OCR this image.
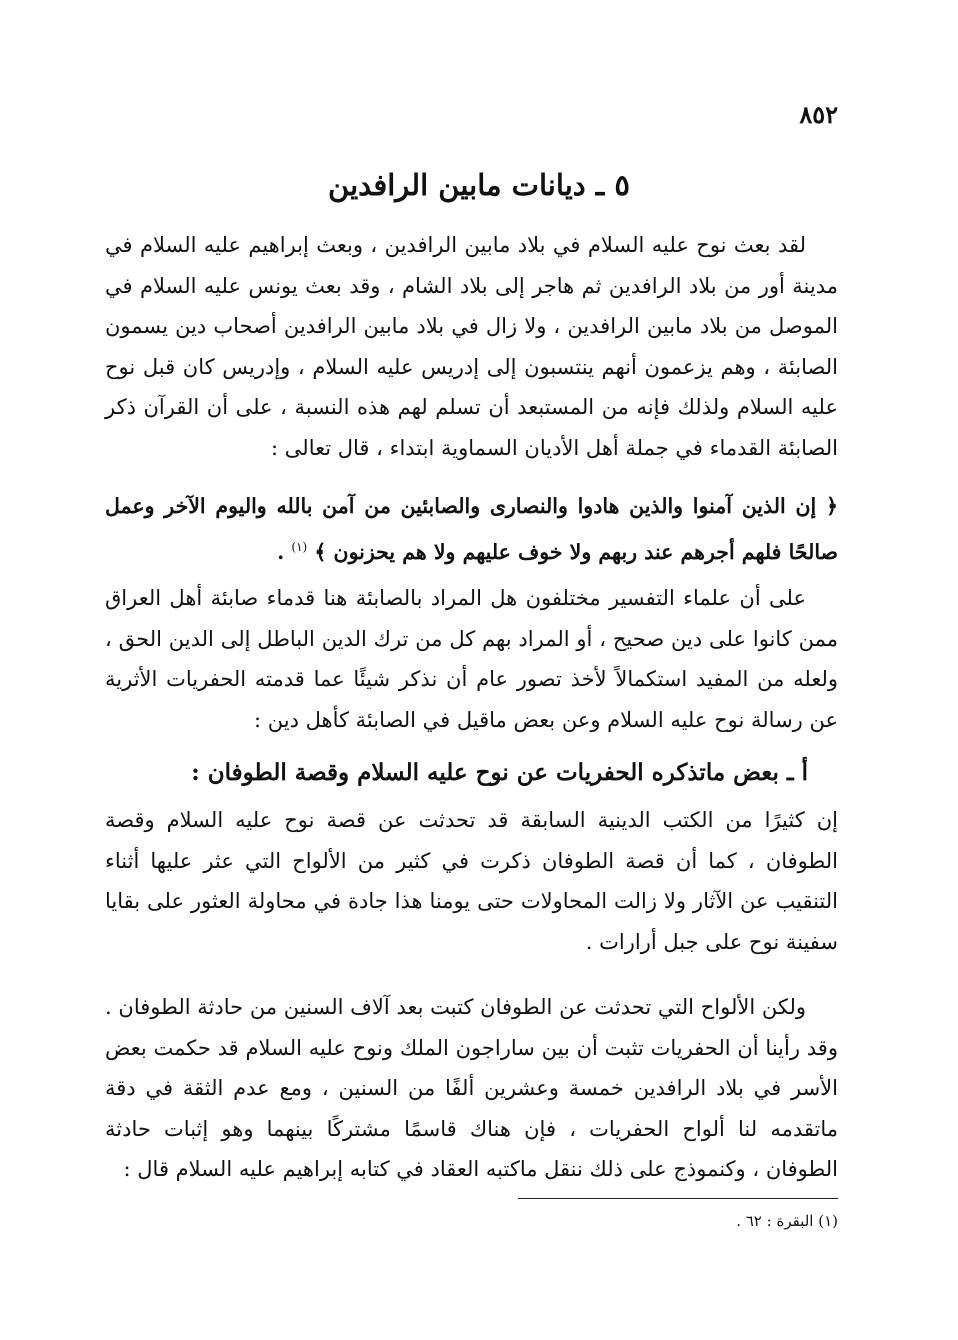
٨٥٢
٥ ـ ديانات مابين الرافدين

لقد بعث نوح عليه السلام في بلاد مابين الرافدين ، وبعث إبراهيم عليه السلام في مدينة أور من بلاد الرافدين ثم هاجر إلى بلاد الشام ، وقد بعث يونس عليه السلام في الموصل من بلاد مابين الرافدين ، ولا زال في بلاد مابين الرافدين أصحاب دين يسمون الصابئة ، وهم يزعمون أنهم ينتسبون إلى إدريس عليه السلام ، وإدريس كان قبل نوح عليه السلام ولذلك فإنه من المستبعد أن تسلم لهم هذه النسبة ، على أن القرآن ذكر الصابئة القدماء في جملة أهل الأديان السماوية ابتداء ، قال تعالى :

﴿ إن الذين آمنوا والذين هادوا والنصارى والصابئين من آمن بالله واليوم الآخر وعمل صالحًا فلهم أجرهم عند ربهم ولا خوف عليهم ولا هم يحزنون ﴾ $^{(١)}$ .

على أن علماء التفسير مختلفون هل المراد بالصابئة هنا قدماء صابئة أهل العراق ممن كانوا على دين صحيح ، أو المراد بهم كل من ترك الدين الباطل إلى الدين الحق ، ولعله من المفيد استكمالاً لأخذ تصور عام أن نذكر شيئًا عما قدمته الحفريات الأثرية عن رسالة نوح عليه السلام وعن بعض ماقيل في الصابئة كأهل دين :

أ ـ بعض ماتذكره الحفريات عن نوح عليه السلام وقصة الطوفان :

إن كثيرًا من الكتب الدينية السابقة قد تحدثت عن قصة نوح عليه السلام وقصة الطوفان ، كما أن قصة الطوفان ذكرت في كثير من الألواح التي عثر عليها أثناء التنقيب عن الآثار ولا زالت المحاولات حتى يومنا هذا جادة في محاولة العثور على بقايا سفينة نوح على جبل أرارات .

ولكن الألواح التي تحدثت عن الطوفان كتبت بعد آلاف السنين من حادثة الطوفان . وقد رأينا أن الحفريات تثبت أن بين ساراجون الملك ونوح عليه السلام قد حكمت بعض الأسر في بلاد الرافدين خمسة وعشرين ألفًا من السنين ، ومع عدم الثقة في دقة ماتقدمه لنا ألواح الحفريات ، فإن هناك قاسمًا مشتركًا بينهما وهو إثبات حادثة الطوفان ، وكنموذج على ذلك ننقل ماكتبه العقاد في كتابه إبراهيم عليه السلام قال :

(١) البقرة : ٦٢ .
